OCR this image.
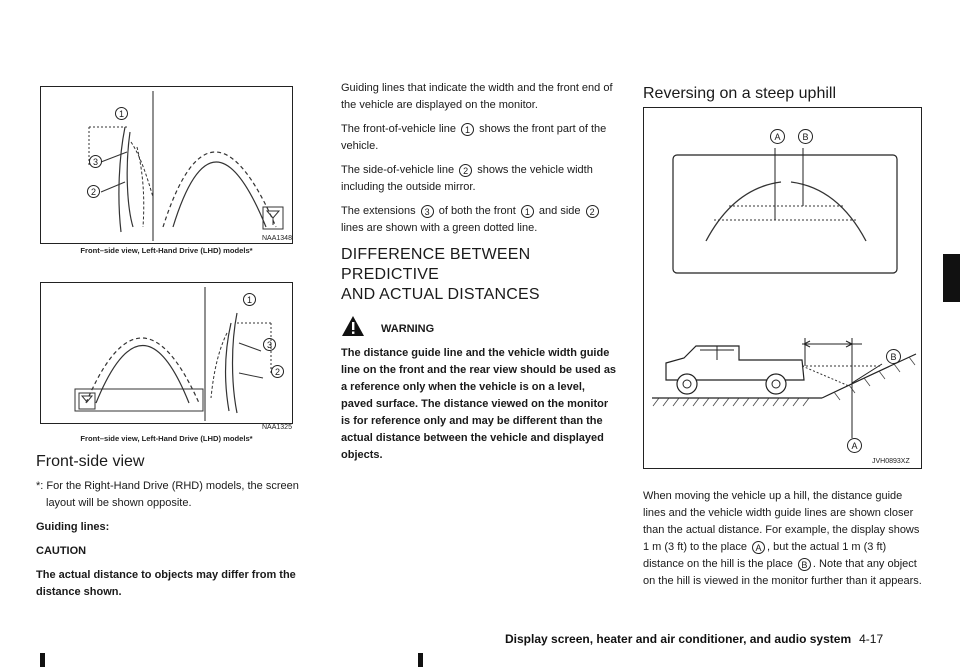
1
3
2
NAA1348
Front–side view, Left-Hand Drive (LHD) models*
1
3
2
NAA1325
Front–side view, Left-Hand Drive (LHD) models*
Front-side view

*: For the Right-Hand Drive (RHD) models, the screen layout will be shown opposite.

Guiding lines:

CAUTION

The actual distance to objects may differ from the distance shown.

Guiding lines that indicate the width and the front end of the vehicle are displayed on the monitor.

The front-of-vehicle line 1 shows the front part of the vehicle.

The side-of-vehicle line 2 shows the vehicle width including the outside mirror.

The extensions 3 of both the front 1 and side 2 lines are shown with a green dotted line.

DIFFERENCE BETWEEN PREDICTIVE
AND ACTUAL DISTANCES
WARNING

The distance guide line and the vehicle width guide line on the front and the rear view should be used as a reference only when the vehicle is on a level, paved surface. The distance viewed on the monitor is for reference only and may be different than the actual distance between the vehicle and displayed objects.

Reversing on a steep uphill
A	B
B
A
JVH0893XZ

When moving the vehicle up a hill, the distance guide lines and the vehicle width guide lines are shown closer than the actual distance. For example, the display shows 1 m (3 ft) to the place A , but the actual 1 m (3 ft) distance on the hill is the place B . Note that any object on the hill is viewed in the monitor further than it appears.

Display screen, heater and air conditioner, and audio system 4-17
